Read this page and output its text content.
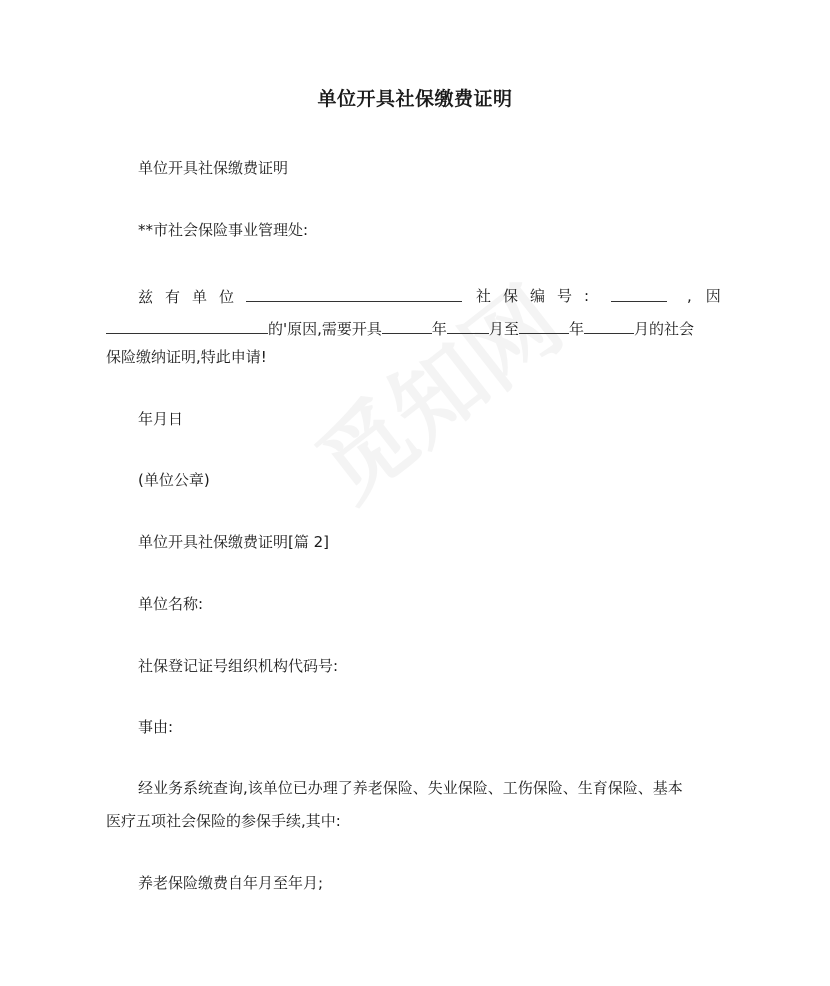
单位开具社保缴费证明
单位开具社保缴费证明
**市社会保险事业管理处:
兹有单位	社保编号:	,因
的'原因,需要开具	年	月至	年	月的社会
保险缴纳证明,特此申请!
年月日
(单位公章)
单位开具社保缴费证明[篇 2]
单位名称:
社保登记证号组织机构代码号:
事由:
经业务系统查询,该单位已办理了养老保险、失业保险、工伤保险、生育保险、基本
医疗五项社会保险的参保手续,其中:
养老保险缴费自年月至年月;
